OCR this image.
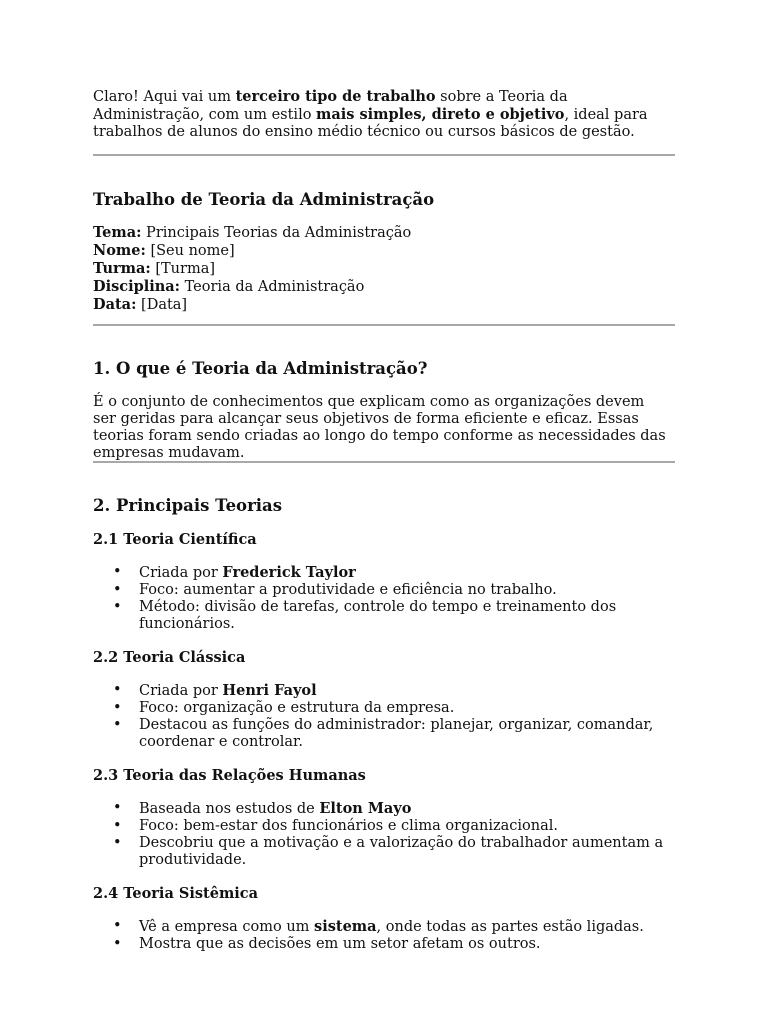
Claro! Aqui vai um terceiro tipo de trabalho sobre a Teoria da Administração, com um estilo mais simples, direto e objetivo, ideal para trabalhos de alunos do ensino médio técnico ou cursos básicos de gestão.

Trabalho de Teoria da Administração
Tema: Principais Teorias da Administração
Nome: [Seu nome]
Turma: [Turma]
Disciplina: Teoria da Administração
Data: [Data]
1. O que é Teoria da Administração?

É o conjunto de conhecimentos que explicam como as organizações devem ser geridas para alcançar seus objetivos de forma eficiente e eficaz. Essas teorias foram sendo criadas ao longo do tempo conforme as necessidades das empresas mudavam.

2. Principais Teorias
2.1 Teoria Científica
• Criada por Frederick Taylor
• Foco: aumentar a produtividade e eficiência no trabalho.
• Método: divisão de tarefas, controle do tempo e treinamento dos funcionários.
2.2 Teoria Clássica
• Criada por Henri Fayol
• Foco: organização e estrutura da empresa.
• Destacou as funções do administrador: planejar, organizar, comandar, coordenar e controlar.
2.3 Teoria das Relações Humanas
• Baseada nos estudos de Elton Mayo
• Foco: bem-estar dos funcionários e clima organizacional.
• Descobriu que a motivação e a valorização do trabalhador aumentam a produtividade.
2.4 Teoria Sistêmica
• Vê a empresa como um sistema, onde todas as partes estão ligadas.
• Mostra que as decisões em um setor afetam os outros.
